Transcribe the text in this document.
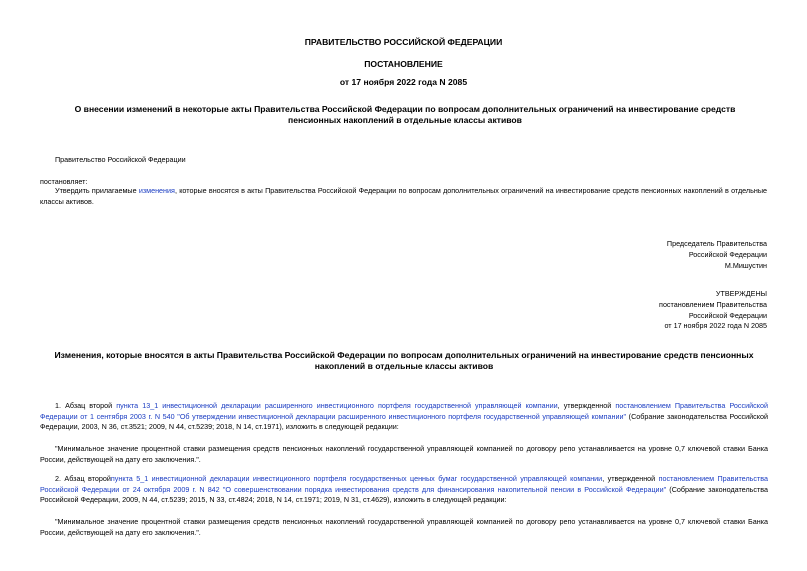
ПРАВИТЕЛЬСТВО РОССИЙСКОЙ ФЕДЕРАЦИИ
ПОСТАНОВЛЕНИЕ
от 17 ноября 2022 года N 2085
О внесении изменений в некоторые акты Правительства Российской Федерации по вопросам дополнительных ограничений на инвестирование средств пенсионных накоплений в отдельные классы активов
Правительство Российской Федерации
постановляет:
Утвердить прилагаемые изменения, которые вносятся в акты Правительства Российской Федерации по вопросам дополнительных ограничений на инвестирование средств пенсионных накоплений в отдельные классы активов.
Председатель Правительства
Российской Федерации
М.Мишустин
УТВЕРЖДЕНЫ
постановлением Правительства
Российской Федерации
от 17 ноября 2022 года N 2085
Изменения, которые вносятся в акты Правительства Российской Федерации по вопросам дополнительных ограничений на инвестирование средств пенсионных накоплений в отдельные классы активов
1. Абзац второй пункта 13_1 инвестиционной декларации расширенного инвестиционного портфеля государственной управляющей компании, утвержденной постановлением Правительства Российской Федерации от 1 сентября 2003 г. N 540 "Об утверждении инвестиционной декларации расширенного инвестиционного портфеля государственной управляющей компании" (Собрание законодательства Российской Федерации, 2003, N 36, ст.3521; 2009, N 44, ст.5239; 2018, N 14, ст.1971), изложить в следующей редакции:
"Минимальное значение процентной ставки размещения средств пенсионных накоплений государственной управляющей компанией по договору репо устанавливается на уровне 0,7 ключевой ставки Банка России, действующей на дату его заключения.".
2. Абзац второйпункта 5_1 инвестиционной декларации инвестиционного портфеля государственных ценных бумаг государственной управляющей компании, утвержденной постановлением Правительства Российской Федерации от 24 октября 2009 г. N 842 "О совершенствовании порядка инвестирования средств для финансирования накопительной пенсии в Российской Федерации" (Собрание законодательства Российской Федерации, 2009, N 44, ст.5239; 2015, N 33, ст.4824; 2018, N 14, ст.1971; 2019, N 31, ст.4629), изложить в следующей редакции:
"Минимальное значение процентной ставки размещения средств пенсионных накоплений государственной управляющей компанией по договору репо устанавливается на уровне 0,7 ключевой ставки Банка России, действующей на дату его заключения.".
